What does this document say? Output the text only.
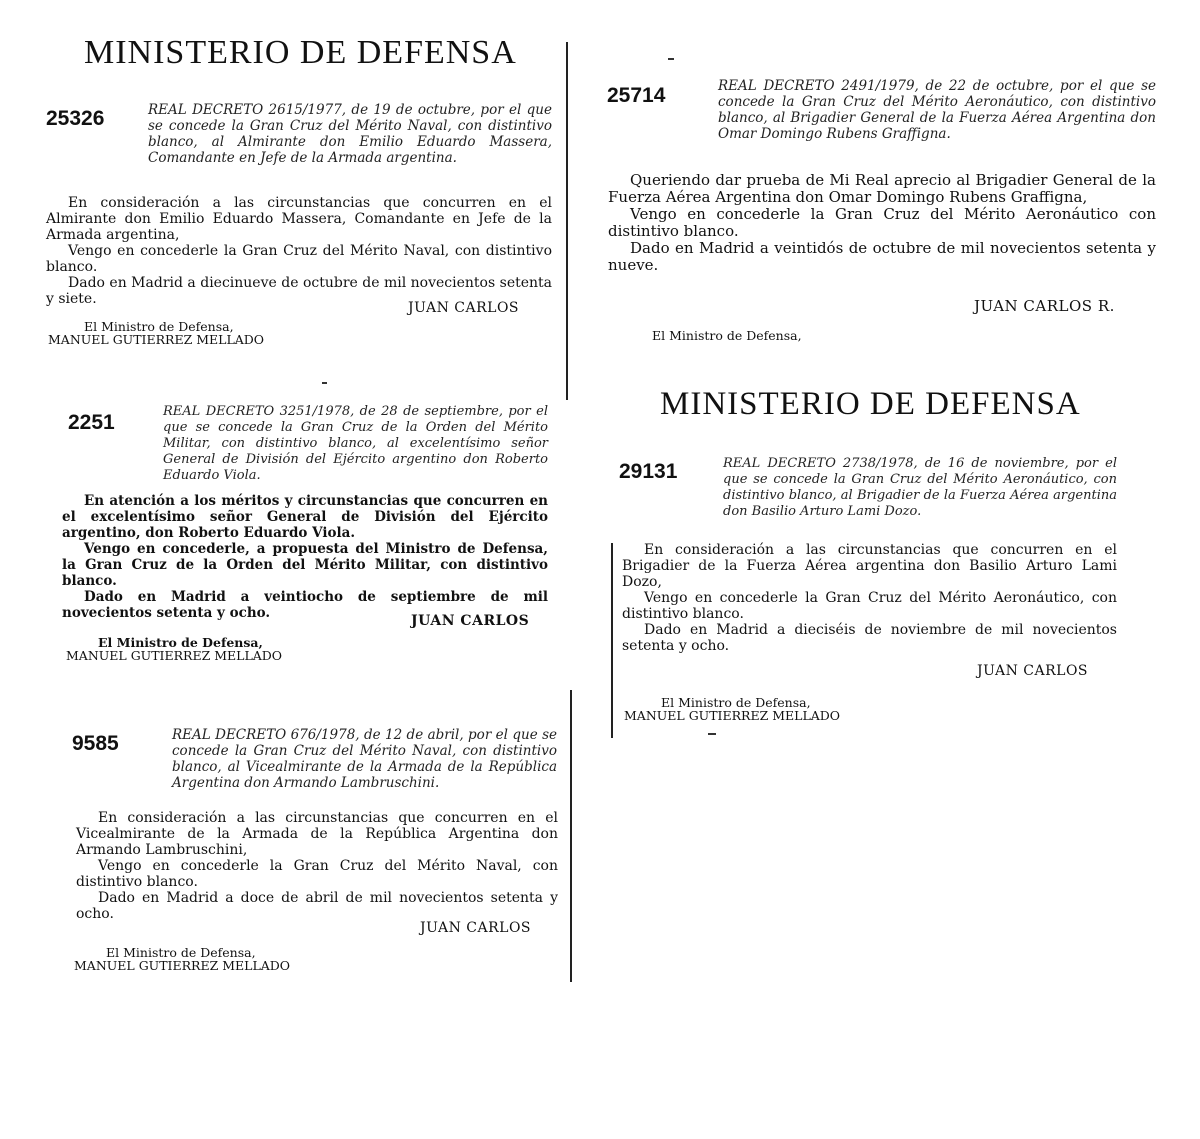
MINISTERIO DE DEFENSA
25326	REAL DECRETO 2615/1977, de 19 de octubre, por el que se concede la Gran Cruz del Mérito Naval, con distintivo blanco, al Almirante don Emilio Eduardo Massera, Comandante en Jefe de la Armada argentina.

En consideración a las circunstancias que concurren en el Almirante don Emilio Eduardo Massera, Comandante en Jefe de la Armada argentina,

Vengo en concederle la Gran Cruz del Mérito Naval, con distintivo blanco.

Dado en Madrid a diecinueve de octubre de mil novecientos setenta y siete.

JUAN CARLOS
El Ministro de Defensa,
MANUEL GUTIERREZ MELLADO
2251	REAL DECRETO 3251/1978, de 28 de septiembre, por el que se concede la Gran Cruz de la Orden del Mérito Militar, con distintivo blanco, al excelentísimo señor General de División del Ejército argentino don Roberto Eduardo Viola.

En atención a los méritos y circunstancias que concurren en el excelentísimo señor General de División del Ejército argentino, don Roberto Eduardo Viola.

Vengo en concederle, a propuesta del Ministro de Defensa, la Gran Cruz de la Orden del Mérito Militar, con distintivo blanco.

Dado en Madrid a veintiocho de septiembre de mil novecientos setenta y ocho.	JUAN CARLOS
El Ministro de Defensa,
MANUEL GUTIERREZ MELLADO
9585	REAL DECRETO 676/1978, de 12 de abril, por el que se concede la Gran Cruz del Mérito Naval, con distintivo blanco, al Vicealmirante de la Armada de la República Argentina don Armando Lambruschini.

En consideración a las circunstancias que concurren en el Vicealmirante de la Armada de la República Argentina don Armando Lambruschini,

Vengo en concederle la Gran Cruz del Mérito Naval, con distintivo blanco.

Dado en Madrid a doce de abril de mil novecientos setenta y ocho.

JUAN CARLOS
El Ministro de Defensa,
MANUEL GUTIERREZ MELLADO
25714	REAL DECRETO 2491/1979, de 22 de octubre, por el que se concede la Gran Cruz del Mérito Aeronáutico, con distintivo blanco, al Brigadier General de la Fuerza Aérea Argentina don Omar Domingo Rubens Graffigna.

Queriendo dar prueba de Mi Real aprecio al Brigadier General de la Fuerza Aérea Argentina don Omar Domingo Rubens Graffigna,

Vengo en concederle la Gran Cruz del Mérito Aeronáutico con distintivo blanco.

Dado en Madrid a veintidós de octubre de mil novecientos setenta y nueve.

JUAN CARLOS R.
El Ministro de Defensa,
MINISTERIO DE DEFENSA
29131	REAL DECRETO 2738/1978, de 16 de noviembre, por el que se concede la Gran Cruz del Mérito Aeronáutico, con distintivo blanco, al Brigadier de la Fuerza Aérea argentina don Basilio Arturo Lami Dozo.

En consideración a las circunstancias que concurren en el Brigadier de la Fuerza Aérea argentina don Basilio Arturo Lami Dozo,

Vengo en concederle la Gran Cruz del Mérito Aeronáutico, con distintivo blanco.

Dado en Madrid a dieciséis de noviembre de mil novecientos setenta y ocho.

JUAN CARLOS
El Ministro de Defensa,
MANUEL GUTIERREZ MELLADO
